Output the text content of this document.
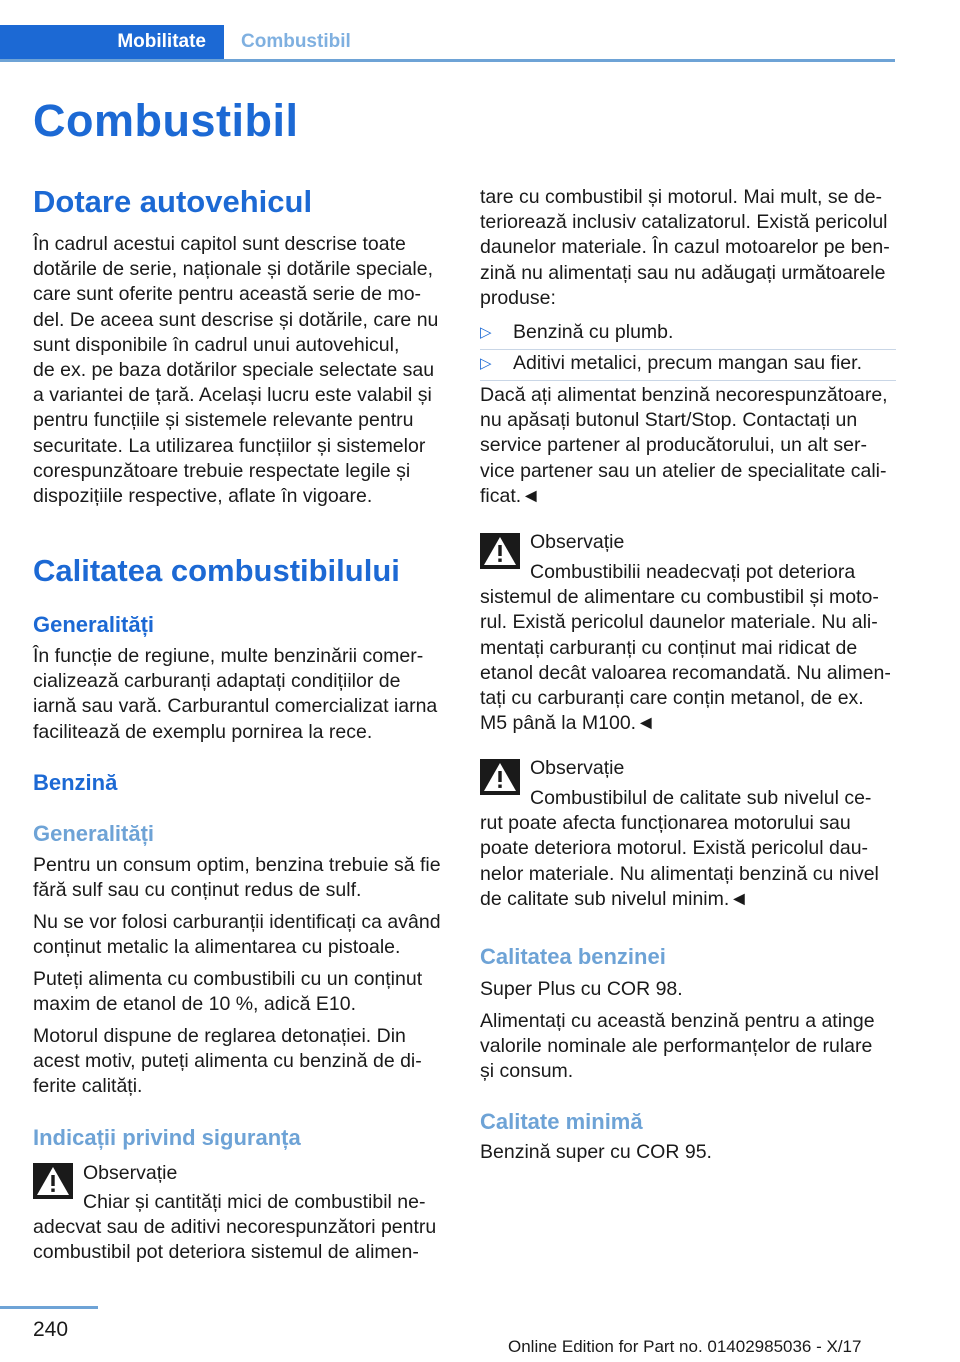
Mobilitate	Combustibil
Combustibil
Dotare autovehicul
În cadrul acestui capitol sunt descrise toate
dotările de serie, naționale și dotările speciale,
care sunt oferite pentru această serie de mo‐
del. De aceea sunt descrise și dotările, care nu
sunt disponibile în cadrul unui autovehicul,
de ex. pe baza dotărilor speciale selectate sau
a variantei de țară. Același lucru este valabil și
pentru funcțiile și sistemele relevante pentru
securitate. La utilizarea funcțiilor și sistemelor
corespunzătoare trebuie respectate legile și
dispozițiile respective, aflate în vigoare.
Calitatea combustibilului
Generalități
În funcție de regiune, multe benzinării comer‐
cializează carburanți adaptați condițiilor de
iarnă sau vară. Carburantul comercializat iarna
facilitează de exemplu pornirea la rece.
Benzină
Generalități
Pentru un consum optim, benzina trebuie să fie
fără sulf sau cu conținut redus de sulf.
Nu se vor folosi carburanții identificați ca având
conținut metalic la alimentarea cu pistoale.
Puteți alimenta cu combustibili cu un conținut
maxim de etanol de 10 %, adică E10.
Motorul dispune de reglarea detonației. Din
acest motiv, puteți alimenta cu benzină de di‐
ferite calități.
Indicații privind siguranța
Observație
Chiar și cantități mici de combustibil ne‐
adecvat sau de aditivi necorespunzători pentru
combustibil pot deteriora sistemul de alimen‐
tare cu combustibil și motorul. Mai mult, se de‐
teriorează inclusiv catalizatorul. Există pericolul
daunelor materiale. În cazul motoarelor pe ben‐
zină nu alimentați sau nu adăugați următoarele
produse:
▷	Benzină cu plumb.
▷	Aditivi metalici, precum mangan sau fier.
Dacă ați alimentat benzină necorespunzătoare,
nu apăsați butonul Start/Stop. Contactați un
service partener al producătorului, un alt ser‐
vice partener sau un atelier de specialitate cali‐
ficat.◄
Observație
Combustibilii neadecvați pot deteriora
sistemul de alimentare cu combustibil și moto‐
rul. Există pericolul daunelor materiale. Nu ali‐
mentați carburanți cu conținut mai ridicat de
etanol decât valoarea recomandată. Nu alimen‐
tați cu carburanți care conțin metanol, de ex.
M5 până la M100.◄
Observație
Combustibilul de calitate sub nivelul ce‐
rut poate afecta funcționarea motorului sau
poate deteriora motorul. Există pericolul dau‐
nelor materiale. Nu alimentați benzină cu nivel
de calitate sub nivelul minim.◄
Calitatea benzinei
Super Plus cu COR 98.
Alimentați cu această benzină pentru a atinge
valorile nominale ale performanțelor de rulare
și consum.
Calitate minimă
Benzină super cu COR 95.
240
Online Edition for Part no. 01402985036 - X/17
